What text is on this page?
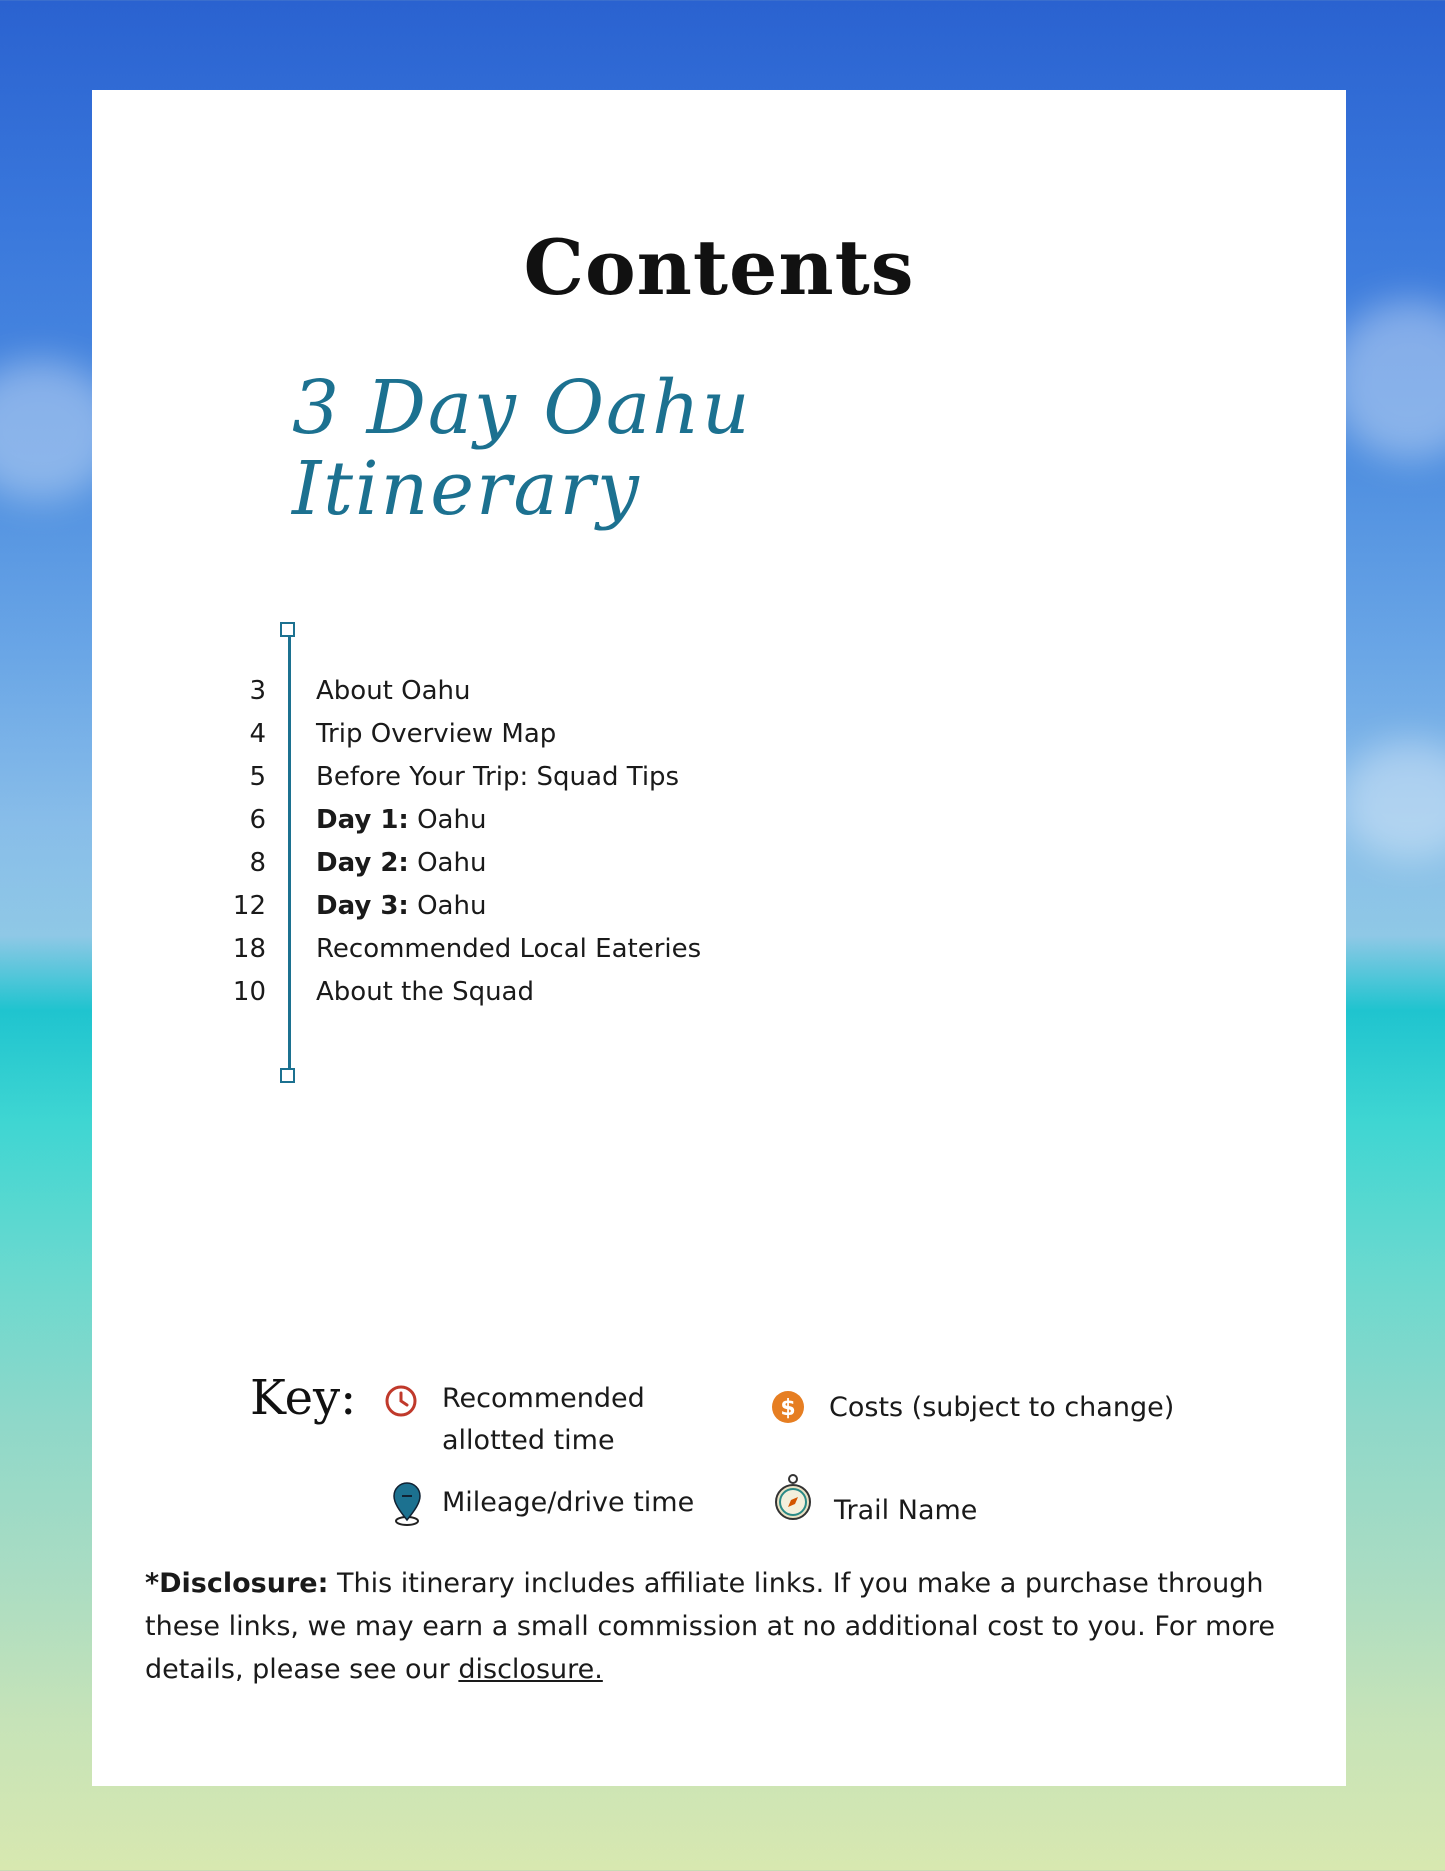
Contents
3 Day Oahu Itinerary
3 About Oahu
4 Trip Overview Map
5 Before Your Trip: Squad Tips
6 Day 1: Oahu
8 Day 2: Oahu
12 Day 3: Oahu
18 Recommended Local Eateries
10 About the Squad
Key:	Recommended
allotted time
$ Costs (subject to change)
Mileage/drive time	Trail Name
*Disclosure: This itinerary includes affiliate links. If you make a purchase through these links, we may earn a small commission at no additional cost to you. For more details, please see our disclosure.
